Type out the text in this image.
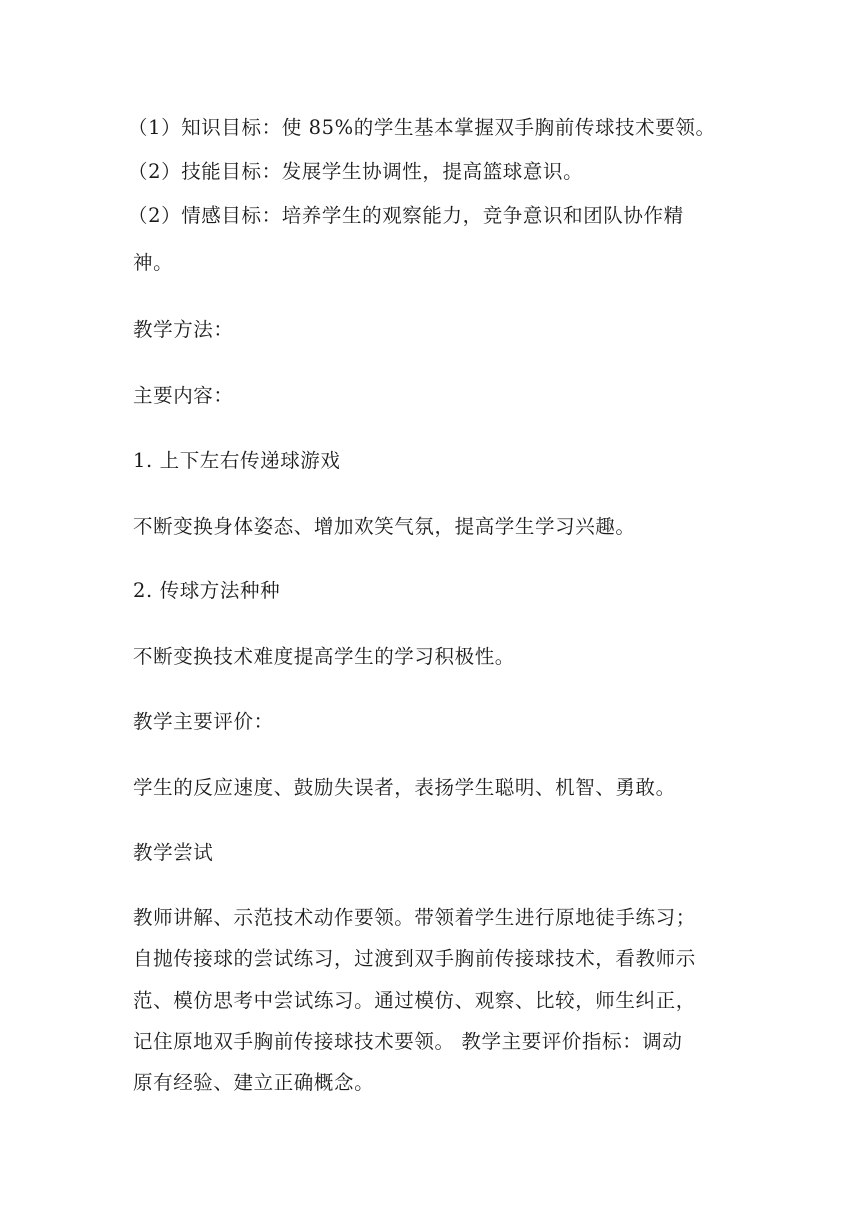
（1）知识目标：使 85%的学生基本掌握双手胸前传球技术要领。
（2）技能目标：发展学生协调性，提高篮球意识。
（2）情感目标：培养学生的观察能力，竞争意识和团队协作精
神。
教学方法：
主要内容：
1. 上下左右传递球游戏
不断变换身体姿态、增加欢笑气氛，提高学生学习兴趣。
2. 传球方法种种
不断变换技术难度提高学生的学习积极性。
教学主要评价：
学生的反应速度、鼓励失误者，表扬学生聪明、机智、勇敢。
教学尝试
教师讲解、示范技术动作要领。带领着学生进行原地徒手练习；
自抛传接球的尝试练习，过渡到双手胸前传接球技术，看教师示
范、模仿思考中尝试练习。通过模仿、观察、比较，师生纠正，
记住原地双手胸前传接球技术要领。 教学主要评价指标：调动
原有经验、建立正确概念。
